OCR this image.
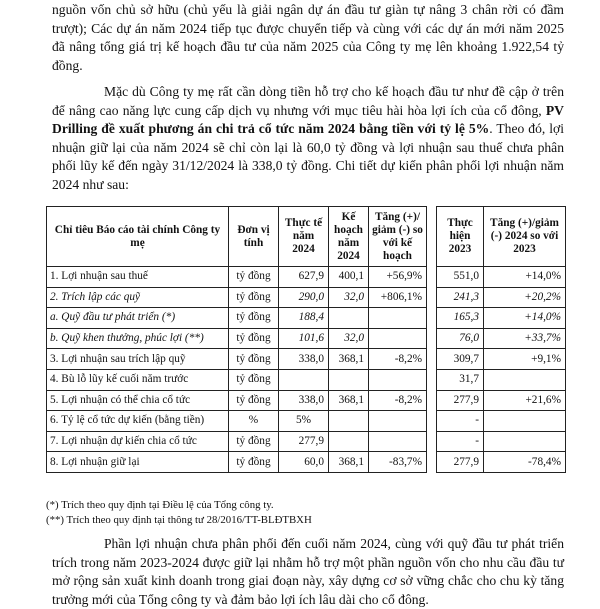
nguồn vốn chủ sở hữu (chủ yếu là giải ngân dự án đầu tư giàn tự nâng 3 chân rời có đầm trượt); Các dự án năm 2024 tiếp tục được chuyển tiếp và cùng với các dự án mới năm 2025 đã nâng tổng giá trị kế hoạch đầu tư của năm 2025 của Công ty mẹ lên khoảng 1.922,54 tỷ đồng.

Mặc dù Công ty mẹ rất cần dòng tiền hỗ trợ cho kế hoạch đầu tư như đề cập ở trên để nâng cao năng lực cung cấp dịch vụ nhưng với mục tiêu hài hòa lợi ích của cổ đông, PV Drilling đề xuất phương án chi trả cổ tức năm 2024 bằng tiền với tỷ lệ 5%. Theo đó, lợi nhuận giữ lại của năm 2024 sẽ chỉ còn lại là 60,0 tỷ đồng và lợi nhuận sau thuế chưa phân phối lũy kế đến ngày 31/12/2024 là 338,0 tỷ đồng. Chi tiết dự kiến phân phối lợi nhuận năm 2024 như sau:

Chỉ tiêu Báo cáo tài chính Công ty mẹ	Đơn vị tính	Thực tế năm 2024	Kế hoạch năm 2024	Tăng (+)/ giảm (-) so với kế hoạch		Thực hiện 2023	Tăng (+)/giảm (-) 2024 so với 2023
1. Lợi nhuận sau thuế	tỷ đồng	627,9	400,1	+56,9%		551,0	+14,0%
2. Trích lập các quỹ	tỷ đồng	290,0	32,0	+806,1%		241,3	+20,2%
a. Quỹ đầu tư phát triển (*)	tỷ đồng	188,4				165,3	+14,0%
b. Quỹ khen thưởng, phúc lợi (**)	tỷ đồng	101,6	32,0			76,0	+33,7%
3. Lợi nhuận sau trích lập quỹ	tỷ đồng	338,0	368,1	-8,2%		309,7	+9,1%
4. Bù lỗ lũy kế cuối năm trước	tỷ đồng					31,7	
5. Lợi nhuận có thể chia cổ tức	tỷ đồng	338,0	368,1	-8,2%		277,9	+21,6%
6. Tỷ lệ cổ tức dự kiến (bằng tiền)	%	5%				-	
7. Lợi nhuận dự kiến chia cổ tức	tỷ đồng	277,9				-	
8. Lợi nhuận giữ lại	tỷ đồng	60,0	368,1	-83,7%		277,9	-78,4%
(*) Trích theo quy định tại Điều lệ của Tổng công ty.
(**) Trích theo quy định tại thông tư 28/2016/TT-BLĐTBXH

Phần lợi nhuận chưa phân phối đến cuối năm 2024, cùng với quỹ đầu tư phát triển trích trong năm 2023-2024 được giữ lại nhằm hỗ trợ một phần nguồn vốn cho nhu cầu đầu tư mở rộng sản xuất kinh doanh trong giai đoạn này, xây dựng cơ sở vững chắc cho chu kỳ tăng trưởng mới của Tổng công ty và đảm bảo lợi ích lâu dài cho cổ đông.
